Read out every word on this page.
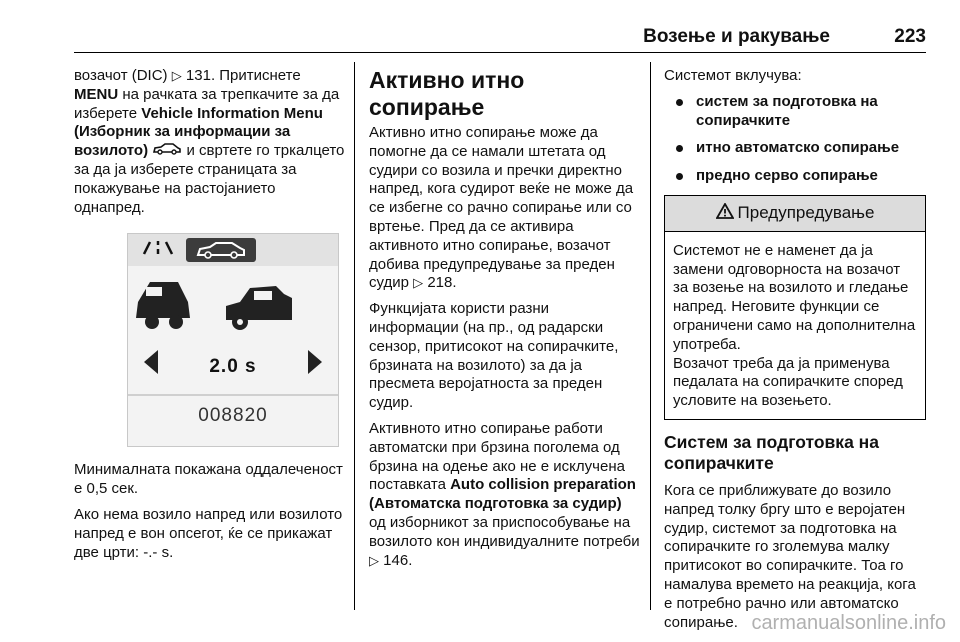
Возење и ракување	223

возачот (DIC) ▷ 131. Притиснете MENU на рачката за трепкачите за да изберете Vehicle Information Menu (Изборник за информации за возилото)	и свртете го тркалцето за да ја изберете страницата за покажување на растојанието однапред.

2.0 s
008820

Минималната покажана оддалеченост е 0,5 сек.

Ако нема возило напред или возилото напред е вон опсегот, ќе се прикажат две црти: -.- s.

Активно итно сопирање

Активно итно сопирање може да помогне да се намали штетата од судири со возила и пречки директно напред, кога судирот веќе не може да се избегне со рачно сопирање или со вртење. Пред да се активира активното итно сопирање, возачот добива предупредување за преден судир ▷ 218.

Функцијата користи разни информации (на пр., од радарски сензор, притисокот на сопирачките, брзината на возилото) за да ја пресмета веројатноста за преден судир.

Активното итно сопирање работи автоматски при брзина поголема од брзина на одење ако не е исклучена поставката Auto collision preparation (Автоматска подготовка за судир) од изборникот за приспособување на возилото кон индивидуалните потреби ▷ 146.

Системот вклучува:

систем за подготовка на сопирачките
итно автоматско сопирање
предно серво сопирање
Предупредување
Системот не е наменет да ја замени одговорноста на возачот за возење на возилото и гледање напред. Неговите функции се ограничени само на дополнителна употреба.
Возачот треба да ја применува педалата на сопирачките според условите на возењето.
Систем за подготовка на сопирачките

Кога се приближувате до возило напред толку бргу што е веројатен судир, системот за подготовка на сопирачките го зголемува малку притисокот во сопирачките. Тоа го намалува времето на реакција, кога е потребно рачно или автоматско сопирање. carmanualsonline.info
